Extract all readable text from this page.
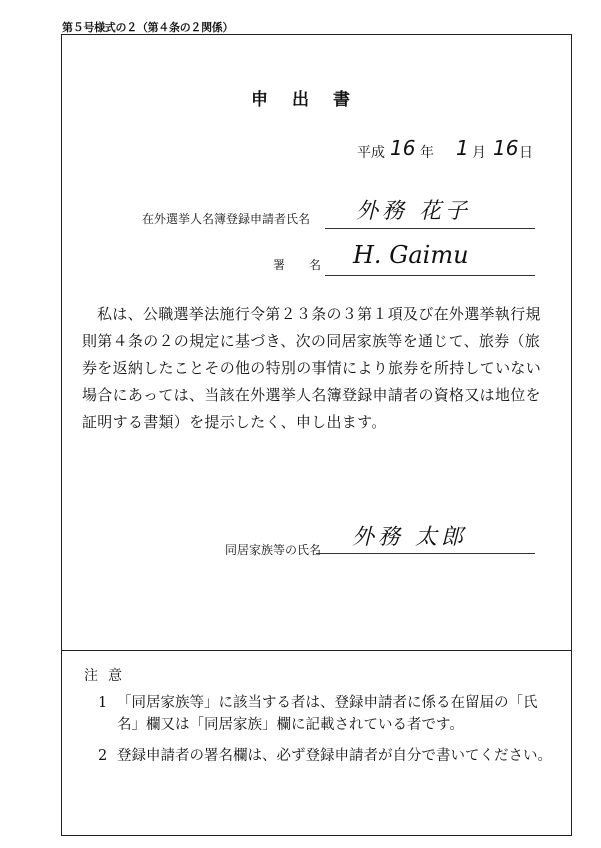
第５号様式の２（第４条の２関係）
申出書
平成 16 年 1 月 16 日
在外選挙人名簿登録申請者氏名 外務 花子
署　　名 H. Gaimu

私は、公職選挙法施行令第２３条の３第１項及び在外選挙執行規則第４条の２の規定に基づき、次の同居家族等を通じて、旅券（旅券を返納したことその他の特別の事情により旅券を所持していない場合にあっては、当該在外選挙人名簿登録申請者の資格又は地位を証明する書類）を提示したく、申し出ます。

同居家族等の氏名 外務 太郎
注意
1 「同居家族等」に該当する者は、登録申請者に係る在留届の「氏名」欄又は「同居家族」欄に記載されている者です。
2 登録申請者の署名欄は、必ず登録申請者が自分で書いてください。
